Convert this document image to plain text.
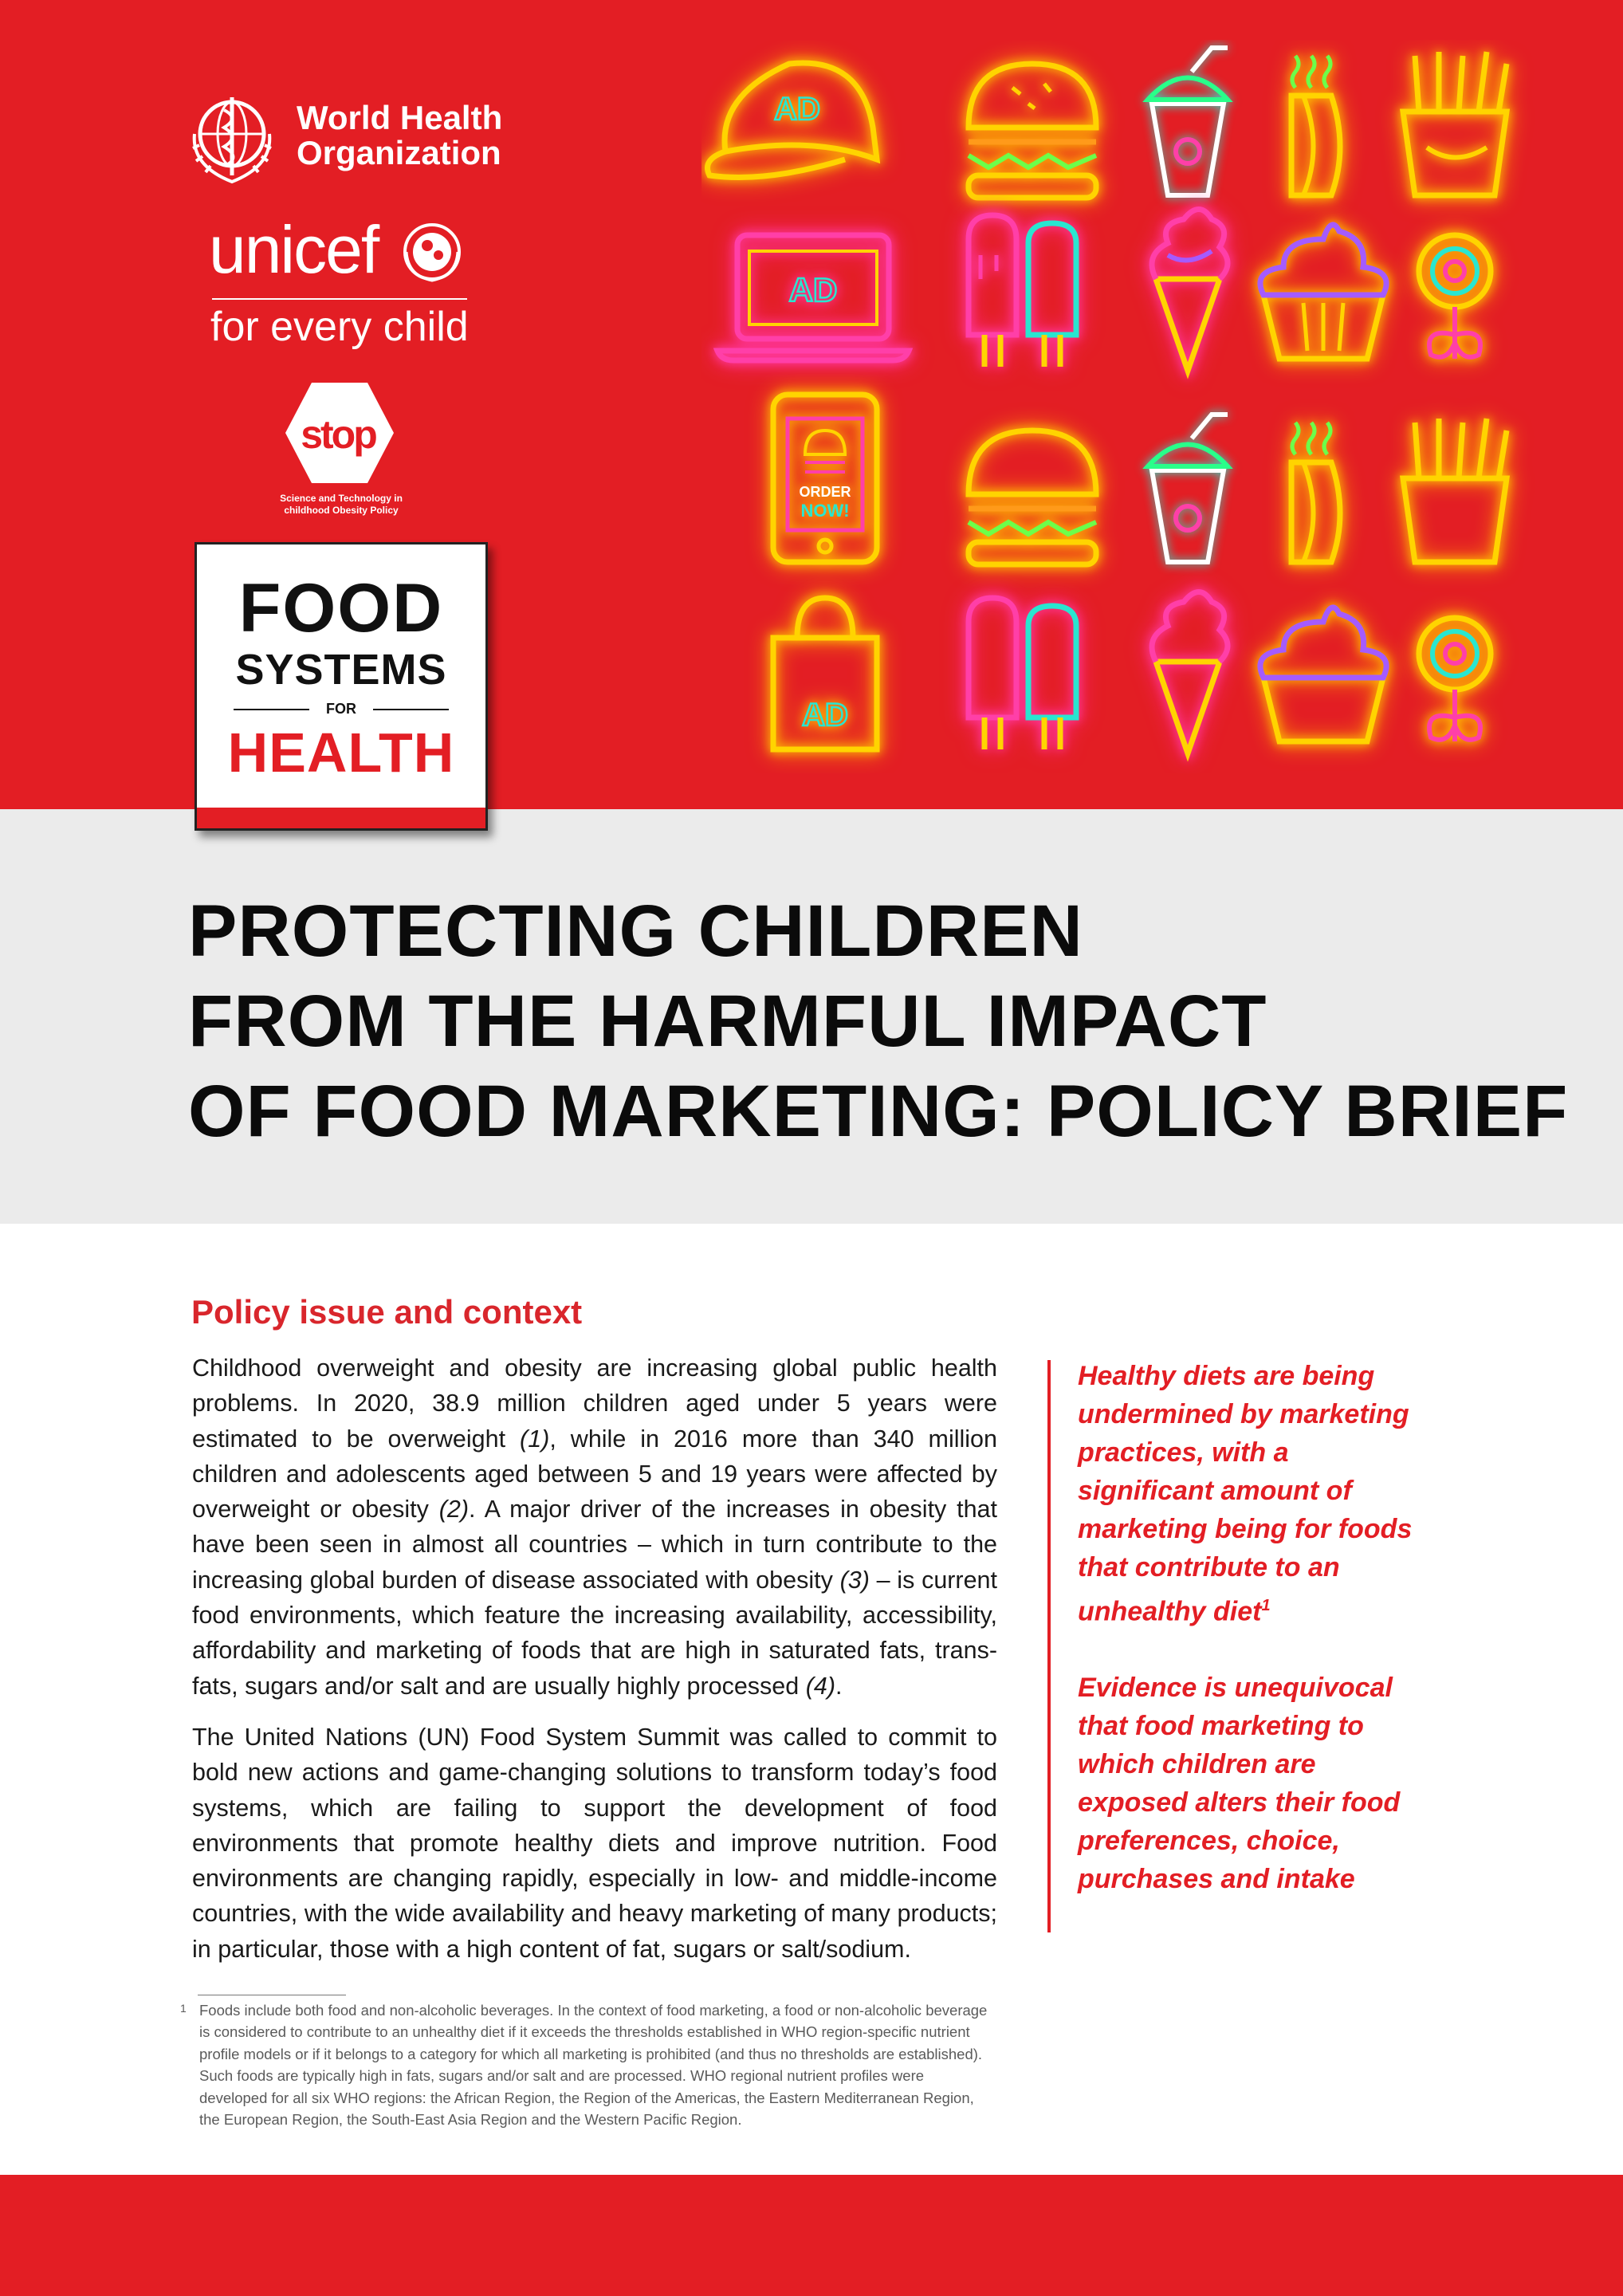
World Health
Organization
unicef
for every child
stop
Science and Technology in
childhood Obesity Policy
AD
AD
ORDER
NOW!
AD
FOOD
SYSTEMS
FOR
HEALTH
PROTECTING CHILDREN
FROM THE HARMFUL IMPACT
OF FOOD MARKETING: POLICY BRIEF
Policy issue and context

Childhood overweight and obesity are increasing global public health problems. In 2020, 38.9 million children aged under 5 years were estimated to be overweight (1), while in 2016 more than 340 million children and adolescents aged between 5 and 19 years were affected by overweight or obesity (2). A major driver of the increases in obesity that have been seen in almost all countries – which in turn contribute to the increasing global burden of disease associated with obesity (3) – is current food environments, which feature the increasing availability, accessibility, affordability and marketing of foods that are high in saturated fats, trans-fats, sugars and/or salt and are usually highly processed (4).

The United Nations (UN) Food System Summit was called to commit to bold new actions and game-changing solutions to transform today’s food systems, which are failing to support the development of food environments that promote healthy diets and improve nutrition. Food environments are changing rapidly, especially in low- and middle-income countries, with the wide availability and heavy marketing of many products; in particular, those with a high content of fat, sugars or salt/sodium.

Healthy diets are being undermined by marketing practices, with a significant amount of marketing being for foods that contribute to an unhealthy diet$^1$

Evidence is unequivocal that food marketing to which children are exposed alters their food preferences, choice, purchases and intake

1 Foods include both food and non-alcoholic beverages. In the context of food marketing, a food or non-alcoholic beverage is considered to contribute to an unhealthy diet if it exceeds the thresholds established in WHO region-specific nutrient profile models or if it belongs to a category for which all marketing is prohibited (and thus no thresholds are established). Such foods are typically high in fats, sugars and/or salt and are processed. WHO regional nutrient profiles were developed for all six WHO regions: the African Region, the Region of the Americas, the Eastern Mediterranean Region, the European Region, the South-East Asia Region and the Western Pacific Region.
